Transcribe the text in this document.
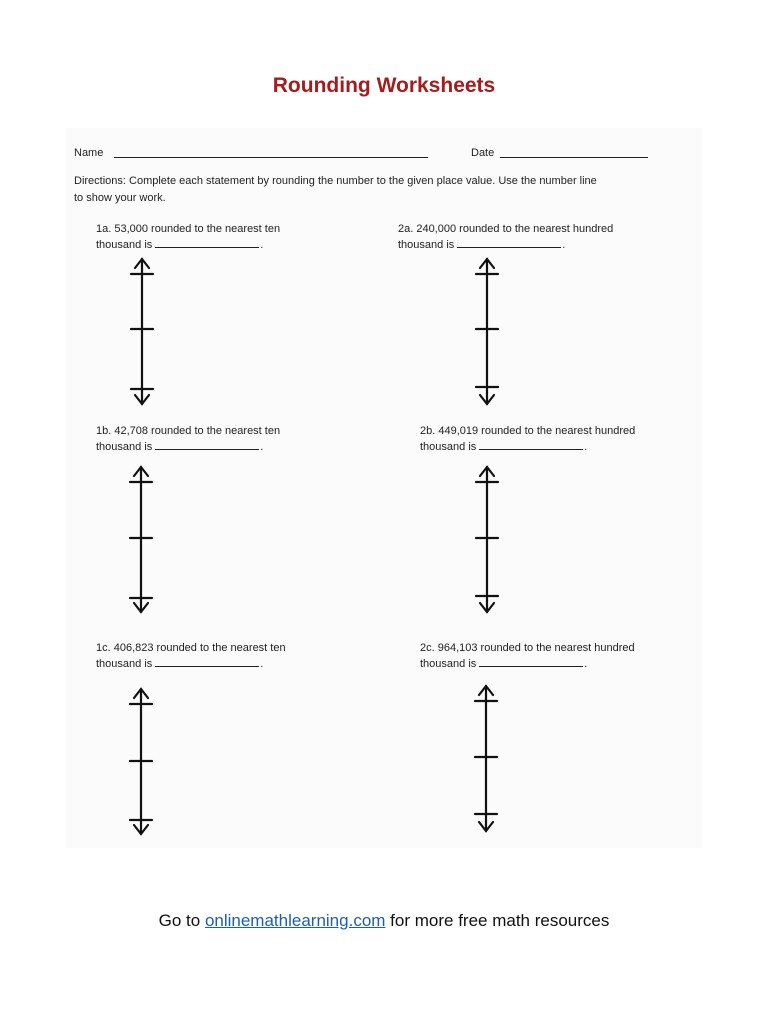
Rounding Worksheets
Name	Date
Directions: Complete each statement by rounding the number to the given place value. Use the number line
to show your work.
1a. 53,000 rounded to the nearest ten
thousand is	.
2a. 240,000 rounded to the nearest hundred
thousand is	.
1b. 42,708 rounded to the nearest ten
thousand is	.
2b. 449,019 rounded to the nearest hundred
thousand is	.
1c. 406,823 rounded to the nearest ten
thousand is	.
2c. 964,103 rounded to the nearest hundred
thousand is	.
Go to onlinemathlearning.com for more free math resources
